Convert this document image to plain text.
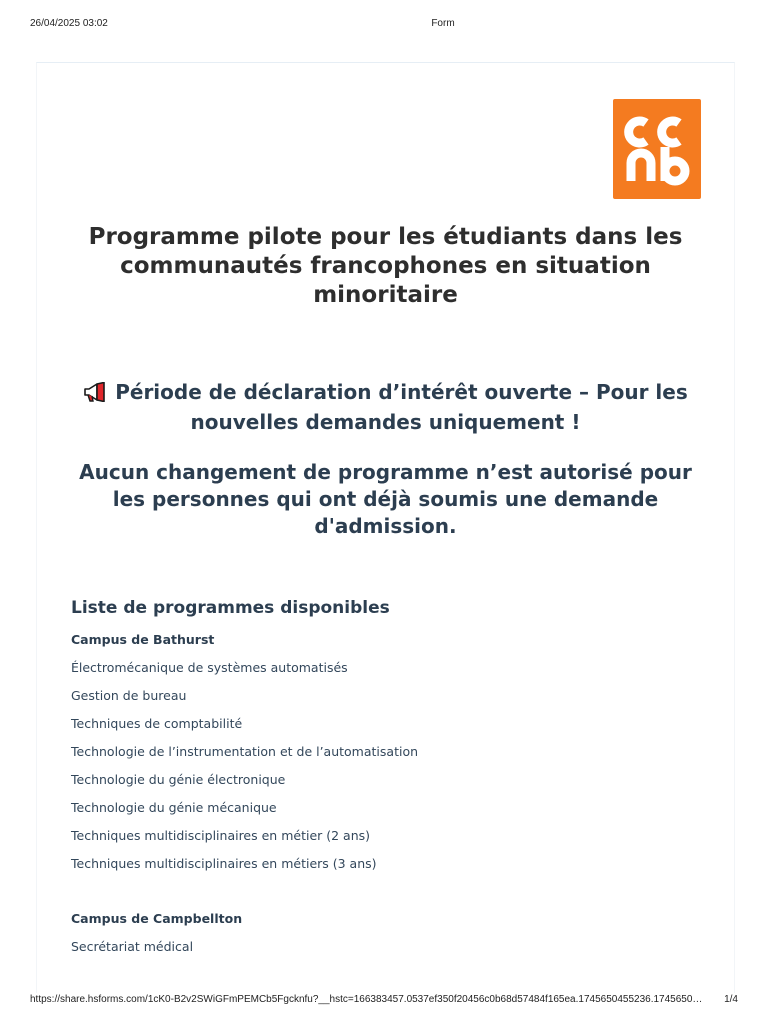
26/04/2025 03:02	Form
Programme pilote pour les étudiants dans les communautés francophones en situation minoritaire

Période de déclaration d’intérêt ouverte – Pour les nouvelles demandes uniquement !

Aucun changement de programme n’est autorisé pour les personnes qui ont déjà soumis une demande d'admission.

Liste de programmes disponibles
Campus de Bathurst
Électromécanique de systèmes automatisés
Gestion de bureau
Techniques de comptabilité
Technologie de l’instrumentation et de l’automatisation
Technologie du génie électronique
Technologie du génie mécanique
Techniques multidisciplinaires en métier (2 ans)
Techniques multidisciplinaires en métiers (3 ans)
Campus de Campbellton
Secrétariat médical
https://share.hsforms.com/1cK0-B2v2SWiGFmPEMCb5Fgcknfu?__hstc=166383457.0537ef350f20456c0b68d57484f165ea.1745650455236.1745650… 1/4
